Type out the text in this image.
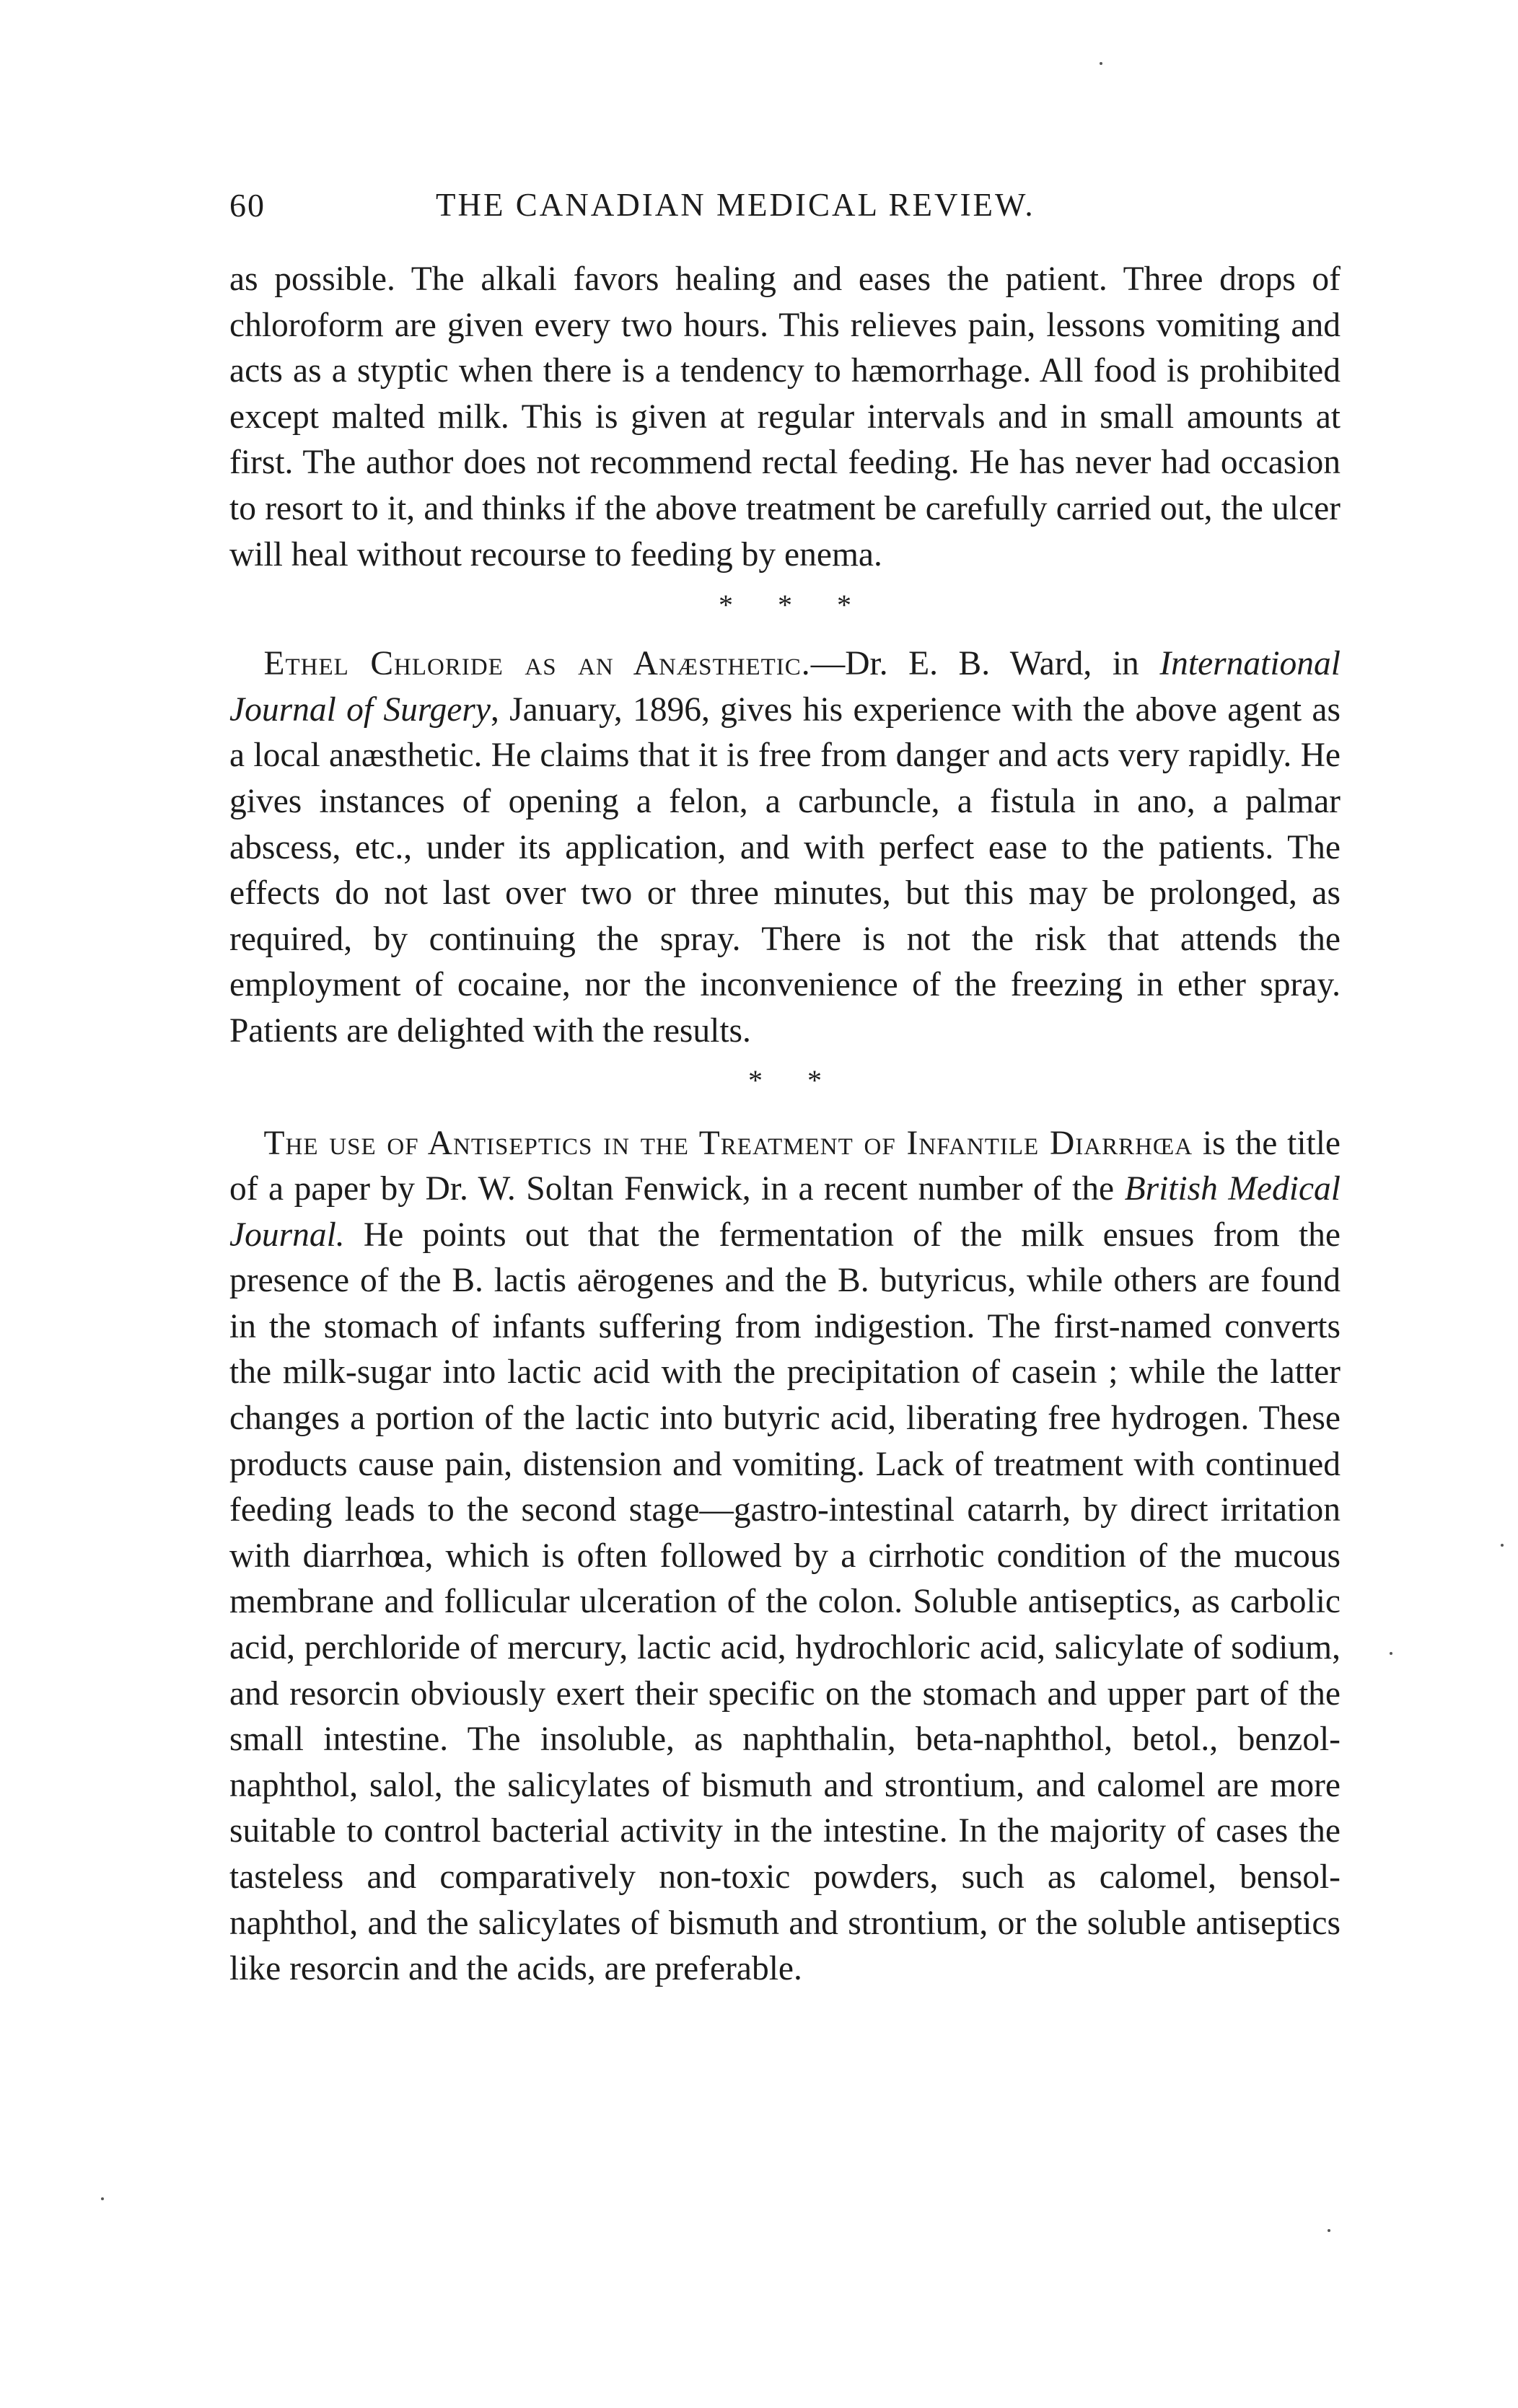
60	THE CANADIAN MEDICAL REVIEW.

as possible. The alkali favors healing and eases the patient. Three drops of chloroform are given every two hours. This relieves pain, lessons vomiting and acts as a styptic when there is a tendency to hæmorrhage. All food is prohibited except malted milk. This is given at regular intervals and in small amounts at first. The author does not recommend rectal feeding. He has never had occasion to resort to it, and thinks if the above treatment be carefully carried out, the ulcer will heal without recourse to feeding by enema.

* * *

 Ethel Chloride as an Anæsthetic.—Dr. E. B. Ward, in International Journal of Surgery, January, 1896, gives his experience with the above agent as a local anæsthetic. He claims that it is free from danger and acts very rapidly. He gives instances of opening a felon, a carbuncle, a fistula in ano, a palmar abscess, etc., under its application, and with perfect ease to the patients. The effects do not last over two or three minutes, but this may be prolonged, as required, by continuing the spray. There is not the risk that attends the employment of cocaine, nor the inconvenience of the freezing in ether spray. Patients are delighted with the results.

* *

 The use of Antiseptics in the Treatment of Infantile Diarrhœa is the title of a paper by Dr. W. Soltan Fenwick, in a recent number of the British Medical Journal. He points out that the fermentation of the milk ensues from the presence of the B. lactis aërogenes and the B. butyricus, while others are found in the stomach of infants suffering from indigestion. The first-named converts the milk-sugar into lactic acid with the precipitation of casein ; while the latter changes a portion of the lactic into butyric acid, liberating free hydrogen. These products cause pain, distension and vomiting. Lack of treatment with continued feeding leads to the second stage—gastro-intestinal catarrh, by direct irritation with diarrhœa, which is often followed by a cirrhotic condition of the mucous membrane and follicular ulceration of the colon. Soluble antiseptics, as carbolic acid, perchloride of mercury, lactic acid, hydrochloric acid, salicylate of sodium, and resorcin obviously exert their specific on the stomach and upper part of the small intestine. The insoluble, as naphthalin, beta-naphthol, betol., benzol-naphthol, salol, the salicylates of bismuth and strontium, and calomel are more suitable to control bacterial activity in the intestine. In the majority of cases the tasteless and comparatively non-toxic powders, such as calomel, bensol-naphthol, and the salicylates of bismuth and strontium, or the soluble antiseptics like resorcin and the acids, are preferable.
